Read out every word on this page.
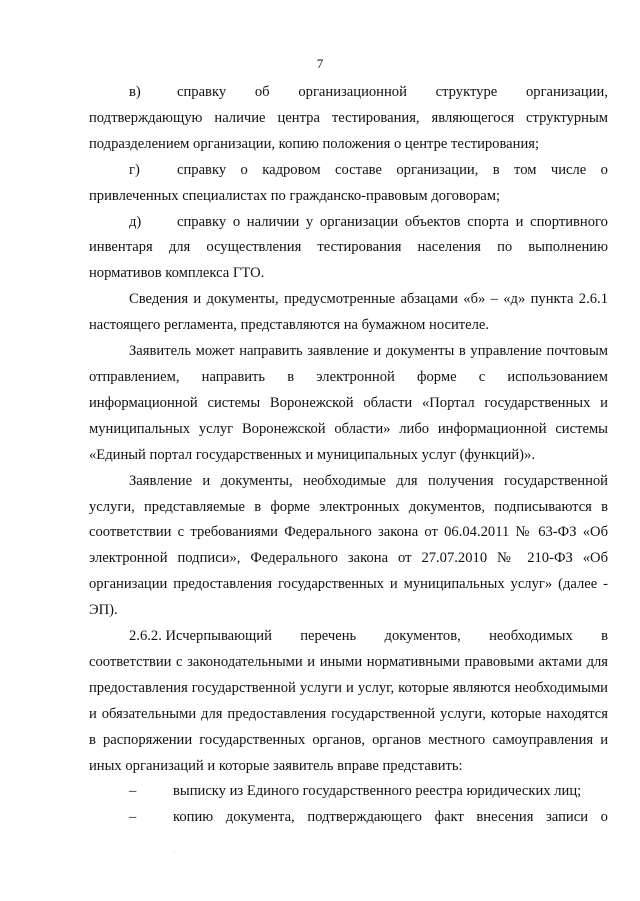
7
в)	справку об организационной структуре организации,

подтверждающую наличие центра тестирования, являющегося структурным подразделением организации, копию положения о центре тестирования;

г)	справку о кадровом составе организации, в том числе о

привлеченных специалистах по гражданско-правовым договорам;

д)	справку о наличии у организации объектов спорта и спортивного

инвентаря для осуществления тестирования населения по выполнению нормативов комплекса ГТО.

Сведения и документы, предусмотренные абзацами «б» – «д» пункта 2.6.1 настоящего регламента, представляются на бумажном носителе.

Заявитель может направить заявление и документы в управление почтовым отправлением, направить в электронной форме с использованием информационной системы Воронежской области «Портал государственных и муниципальных услуг Воронежской области» либо информационной системы «Единый портал государственных и муниципальных услуг (функций)».

Заявление и документы, необходимые для получения государственной услуги, представляемые в форме электронных документов, подписываются в соответствии с требованиями Федерального закона от 06.04.2011 № 63-ФЗ «Об электронной подписи», Федерального закона от 27.07.2010 № 210-ФЗ «Об организации предоставления государственных и муниципальных услуг» (далее - ЭП).

2.6.2. Исчерпывающий перечень документов, необходимых в

соответствии с законодательными и иными нормативными правовыми актами для предоставления государственной услуги и услуг, которые являются необходимыми и обязательными для предоставления государственной услуги, которые находятся в распоряжении государственных органов, органов местного самоуправления и иных организаций и которые заявитель вправе представить:

–	выписку из Единого государственного реестра юридических лиц;
–	копию документа, подтверждающего факт внесения записи о
.
